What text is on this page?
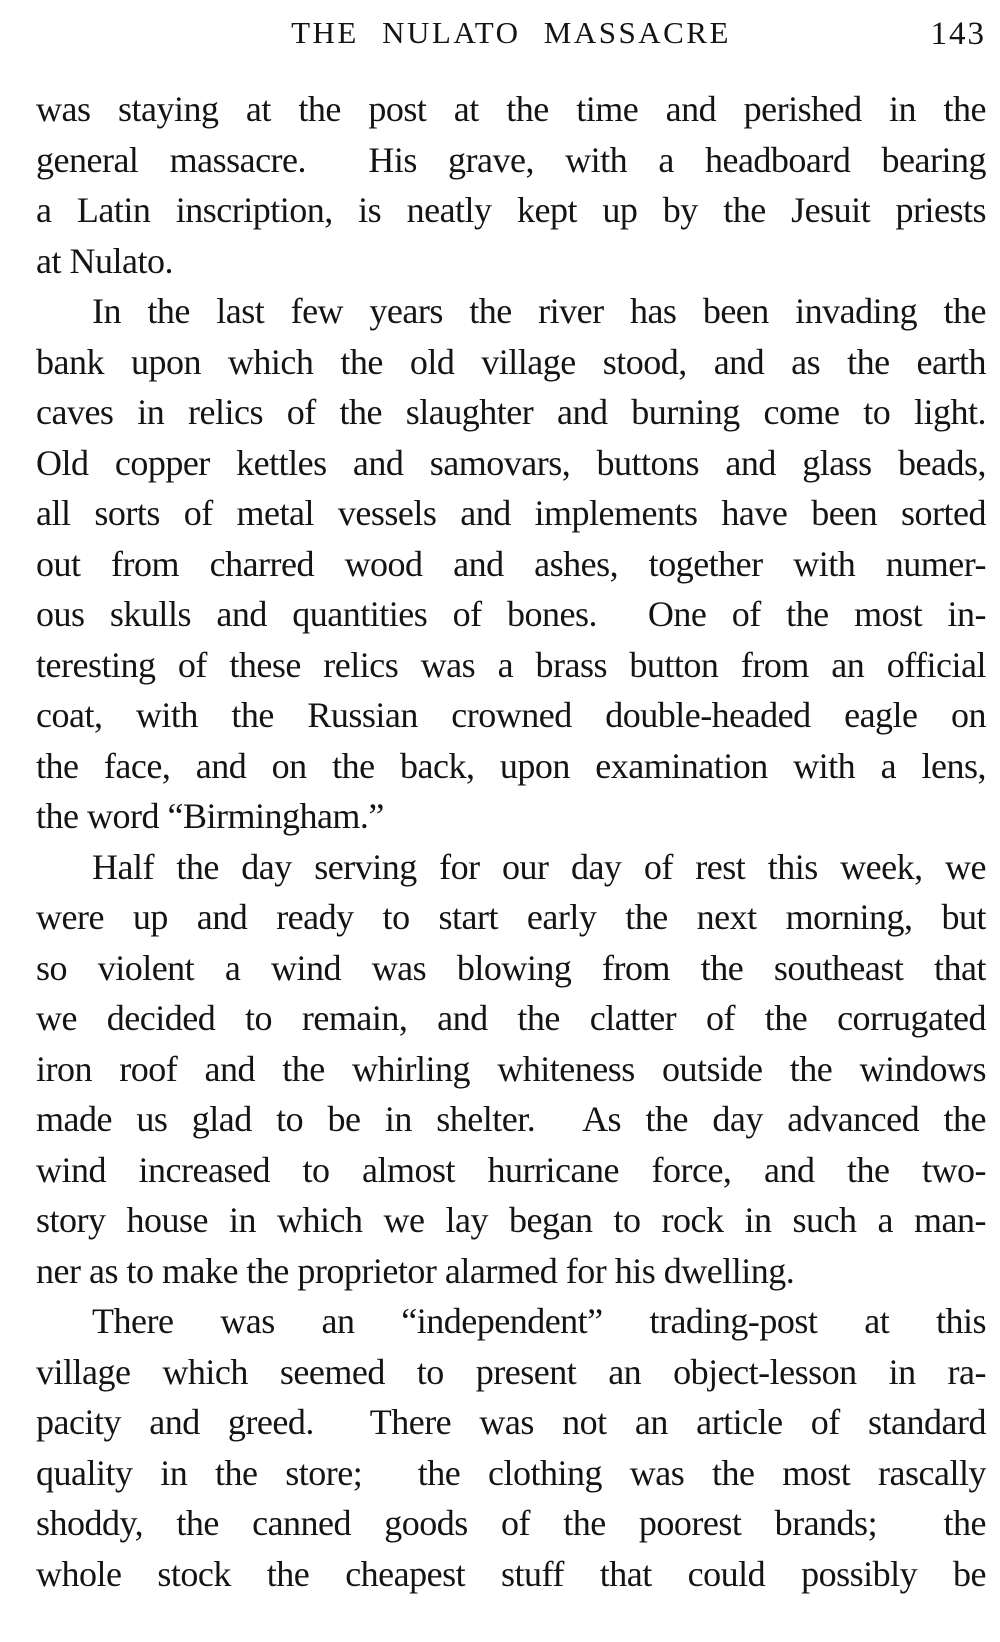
THE NULATO MASSACRE	143
was staying at the post at the time and perished in the
general massacre.  His grave, with a headboard bearing
a Latin inscription, is neatly kept up by the Jesuit priests
at Nulato.
In the last few years the river has been invading the
bank upon which the old village stood, and as the earth
caves in relics of the slaughter and burning come to light.
Old copper kettles and samovars, buttons and glass beads,
all sorts of metal vessels and implements have been sorted
out from charred wood and ashes, together with numer-
ous skulls and quantities of bones.  One of the most in-
teresting of these relics was a brass button from an official
coat, with the Russian crowned double-headed eagle on
the face, and on the back, upon examination with a lens,
the word “Birmingham.”
Half the day serving for our day of rest this week, we
were up and ready to start early the next morning, but
so violent a wind was blowing from the southeast that
we decided to remain, and the clatter of the corrugated
iron roof and the whirling whiteness outside the windows
made us glad to be in shelter.  As the day advanced the
wind increased to almost hurricane force, and the two-
story house in which we lay began to rock in such a man-
ner as to make the proprietor alarmed for his dwelling.
There was an “independent” trading-post at this
village which seemed to present an object-lesson in ra-
pacity and greed.  There was not an article of standard
quality in the store;  the clothing was the most rascally
shoddy, the canned goods of the poorest brands;  the
whole stock the cheapest stuff that could possibly be
